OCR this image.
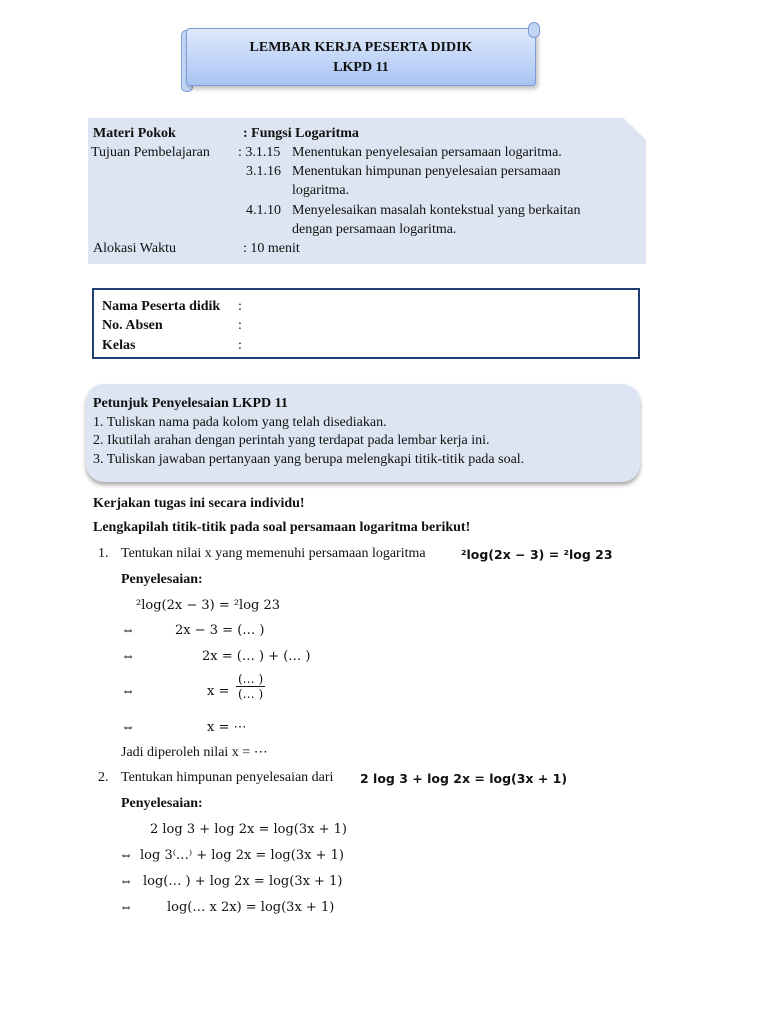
LEMBAR KERJA PESERTA DIDIK
LKPD 11
Materi Pokok	: Fungsi Logaritma
Tujuan Pembelajaran : 3.1.15 Menentukan penyelesaian persamaan logaritma.
3.1.16 Menentukan himpunan penyelesaian persamaan
logaritma.
4.1.10 Menyelesaikan masalah kontekstual yang berkaitan
dengan persamaan logaritma.
Alokasi Waktu	: 10 menit
Nama Peserta didik :
No. Absen	:
Kelas	:
Petunjuk Penyelesaian LKPD 11
1. Tuliskan nama pada kolom yang telah disediakan.
2. Ikutilah arahan dengan perintah yang terdapat pada lembar kerja ini.
3. Tuliskan jawaban pertanyaan yang berupa melengkapi titik-titik pada soal.
Kerjakan tugas ini secara individu!
Lengkapilah titik-titik pada soal persamaan logaritma berikut!
1. Tentukan nilai x yang memenuhi persamaan logaritma	²log(2x − 3) = ²log 23
Penyelesaian:
²log(2x − 3) = ²log 23
⇔	2x − 3 = (… )
⇔	2x = (… ) + (… )
⇔	x =
(… )
(… )
⇔	x = ⋯
Jadi diperoleh nilai x = ⋯
2. Tentukan himpunan penyelesaian dari 2 log 3 + log 2x = log(3x + 1)
Penyelesaian:
2 log 3 + log 2x = log(3x + 1)
⇔ log 3⁽…⁾ + log 2x = log(3x + 1)
⇔ log(… ) + log 2x = log(3x + 1)
⇔	log(… x 2x) = log(3x + 1)
